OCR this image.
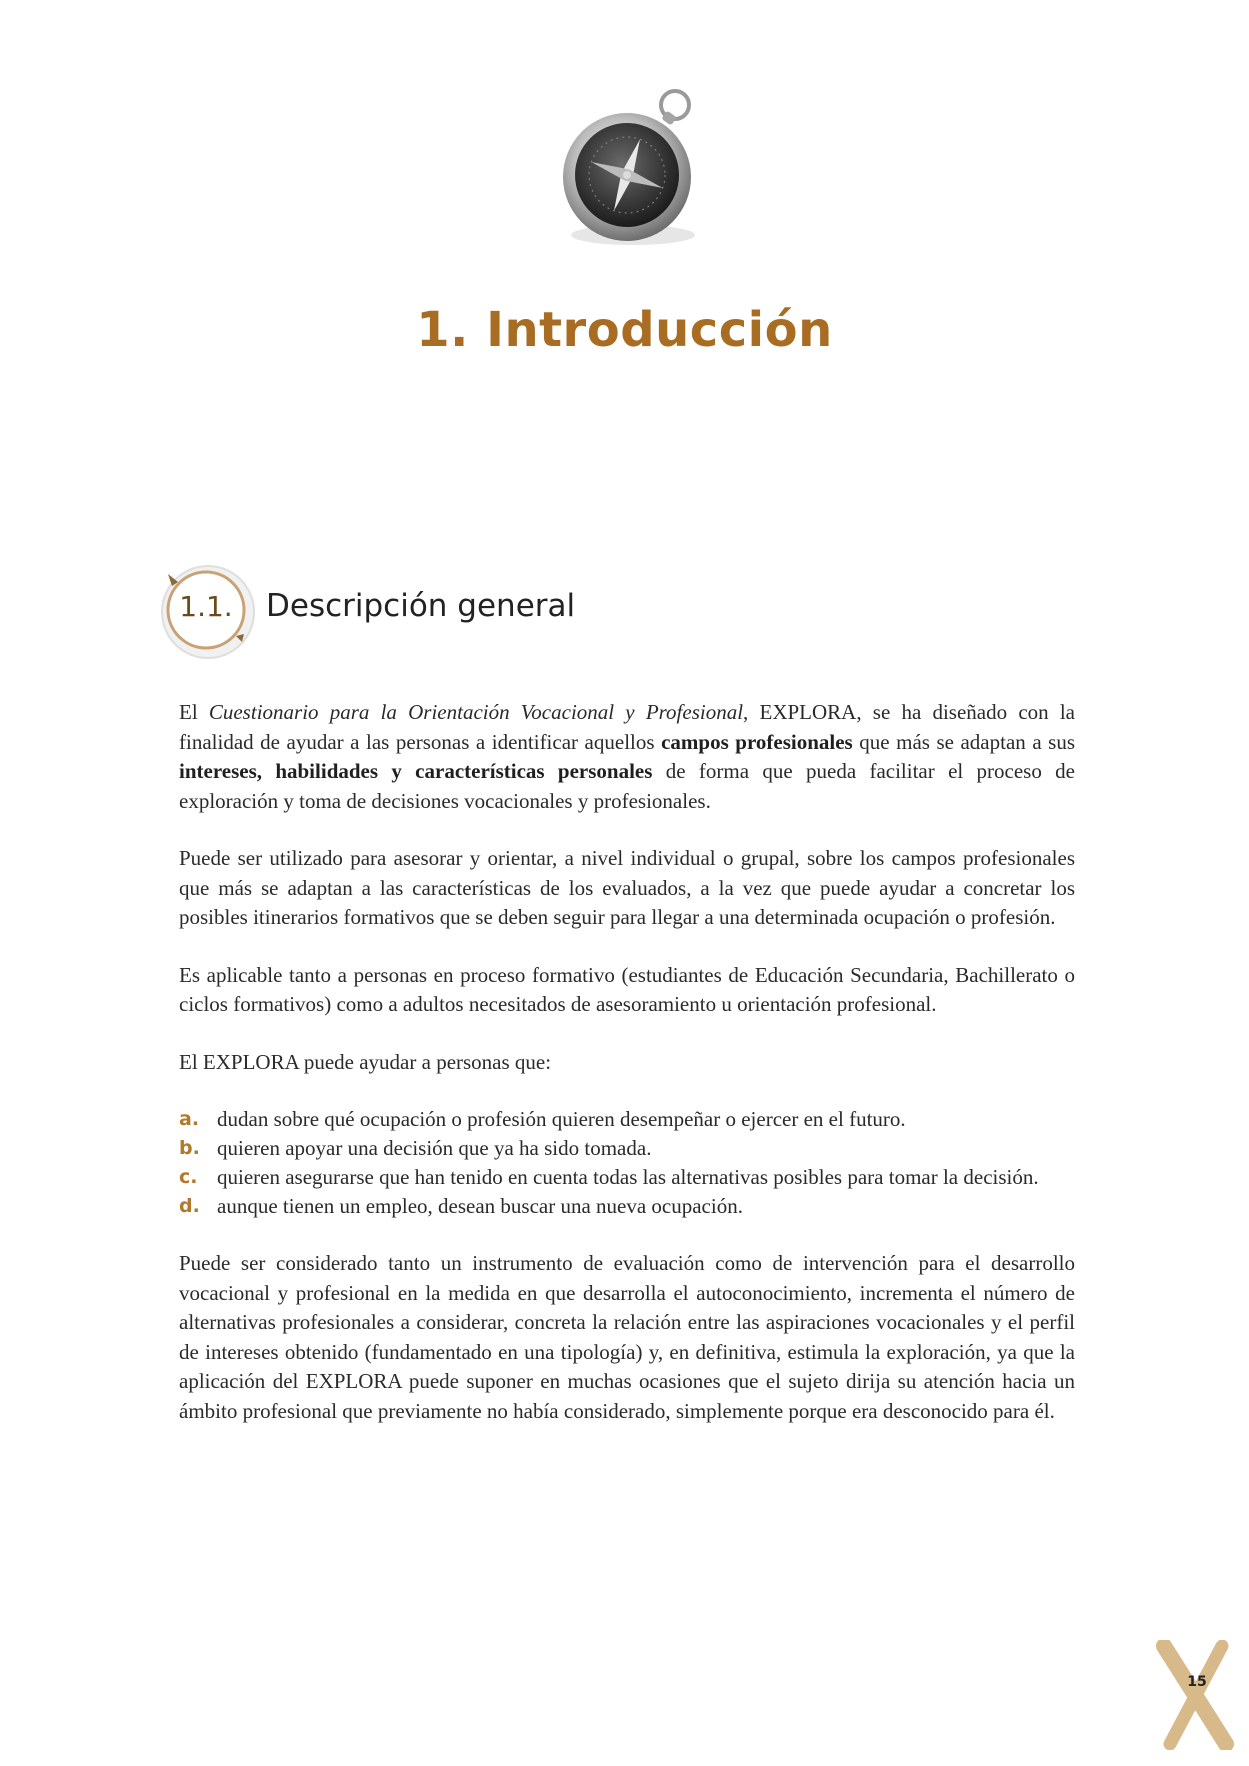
1. Introducción
1.1. Descripción general

El Cuestionario para la Orientación Vocacional y Profesional, EXPLORA, se ha diseñado con la finalidad de ayudar a las personas a identificar aquellos campos profesionales que más se adaptan a sus intereses, habilidades y características personales de forma que pueda facilitar el proceso de exploración y toma de decisiones vocacionales y profesionales.

Puede ser utilizado para asesorar y orientar, a nivel individual o grupal, sobre los campos profesionales que más se adaptan a las características de los evaluados, a la vez que puede ayudar a concretar los posibles itinerarios formativos que se deben seguir para llegar a una determinada ocupación o profesión.

Es aplicable tanto a personas en proceso formativo (estudiantes de Educación Secundaria, Bachillerato o ciclos formativos) como a adultos necesitados de asesoramiento u orientación profesional.

El EXPLORA puede ayudar a personas que:

a. dudan sobre qué ocupación o profesión quieren desempeñar o ejercer en el futuro.
b. quieren apoyar una decisión que ya ha sido tomada.
c. quieren asegurarse que han tenido en cuenta todas las alternativas posibles para tomar la decisión.
d. aunque tienen un empleo, desean buscar una nueva ocupación.

Puede ser considerado tanto un instrumento de evaluación como de intervención para el desarrollo vocacional y profesional en la medida en que desarrolla el autoconocimiento, incrementa el número de alternativas profesionales a considerar, concreta la relación entre las aspiraciones vocacionales y el perfil de intereses obtenido (fundamentado en una tipología) y, en definitiva, estimula la exploración, ya que la aplicación del EXPLORA puede suponer en muchas ocasiones que el sujeto dirija su atención hacia un ámbito profesional que previamente no había considerado, simplemente porque era desconocido para él.

15
